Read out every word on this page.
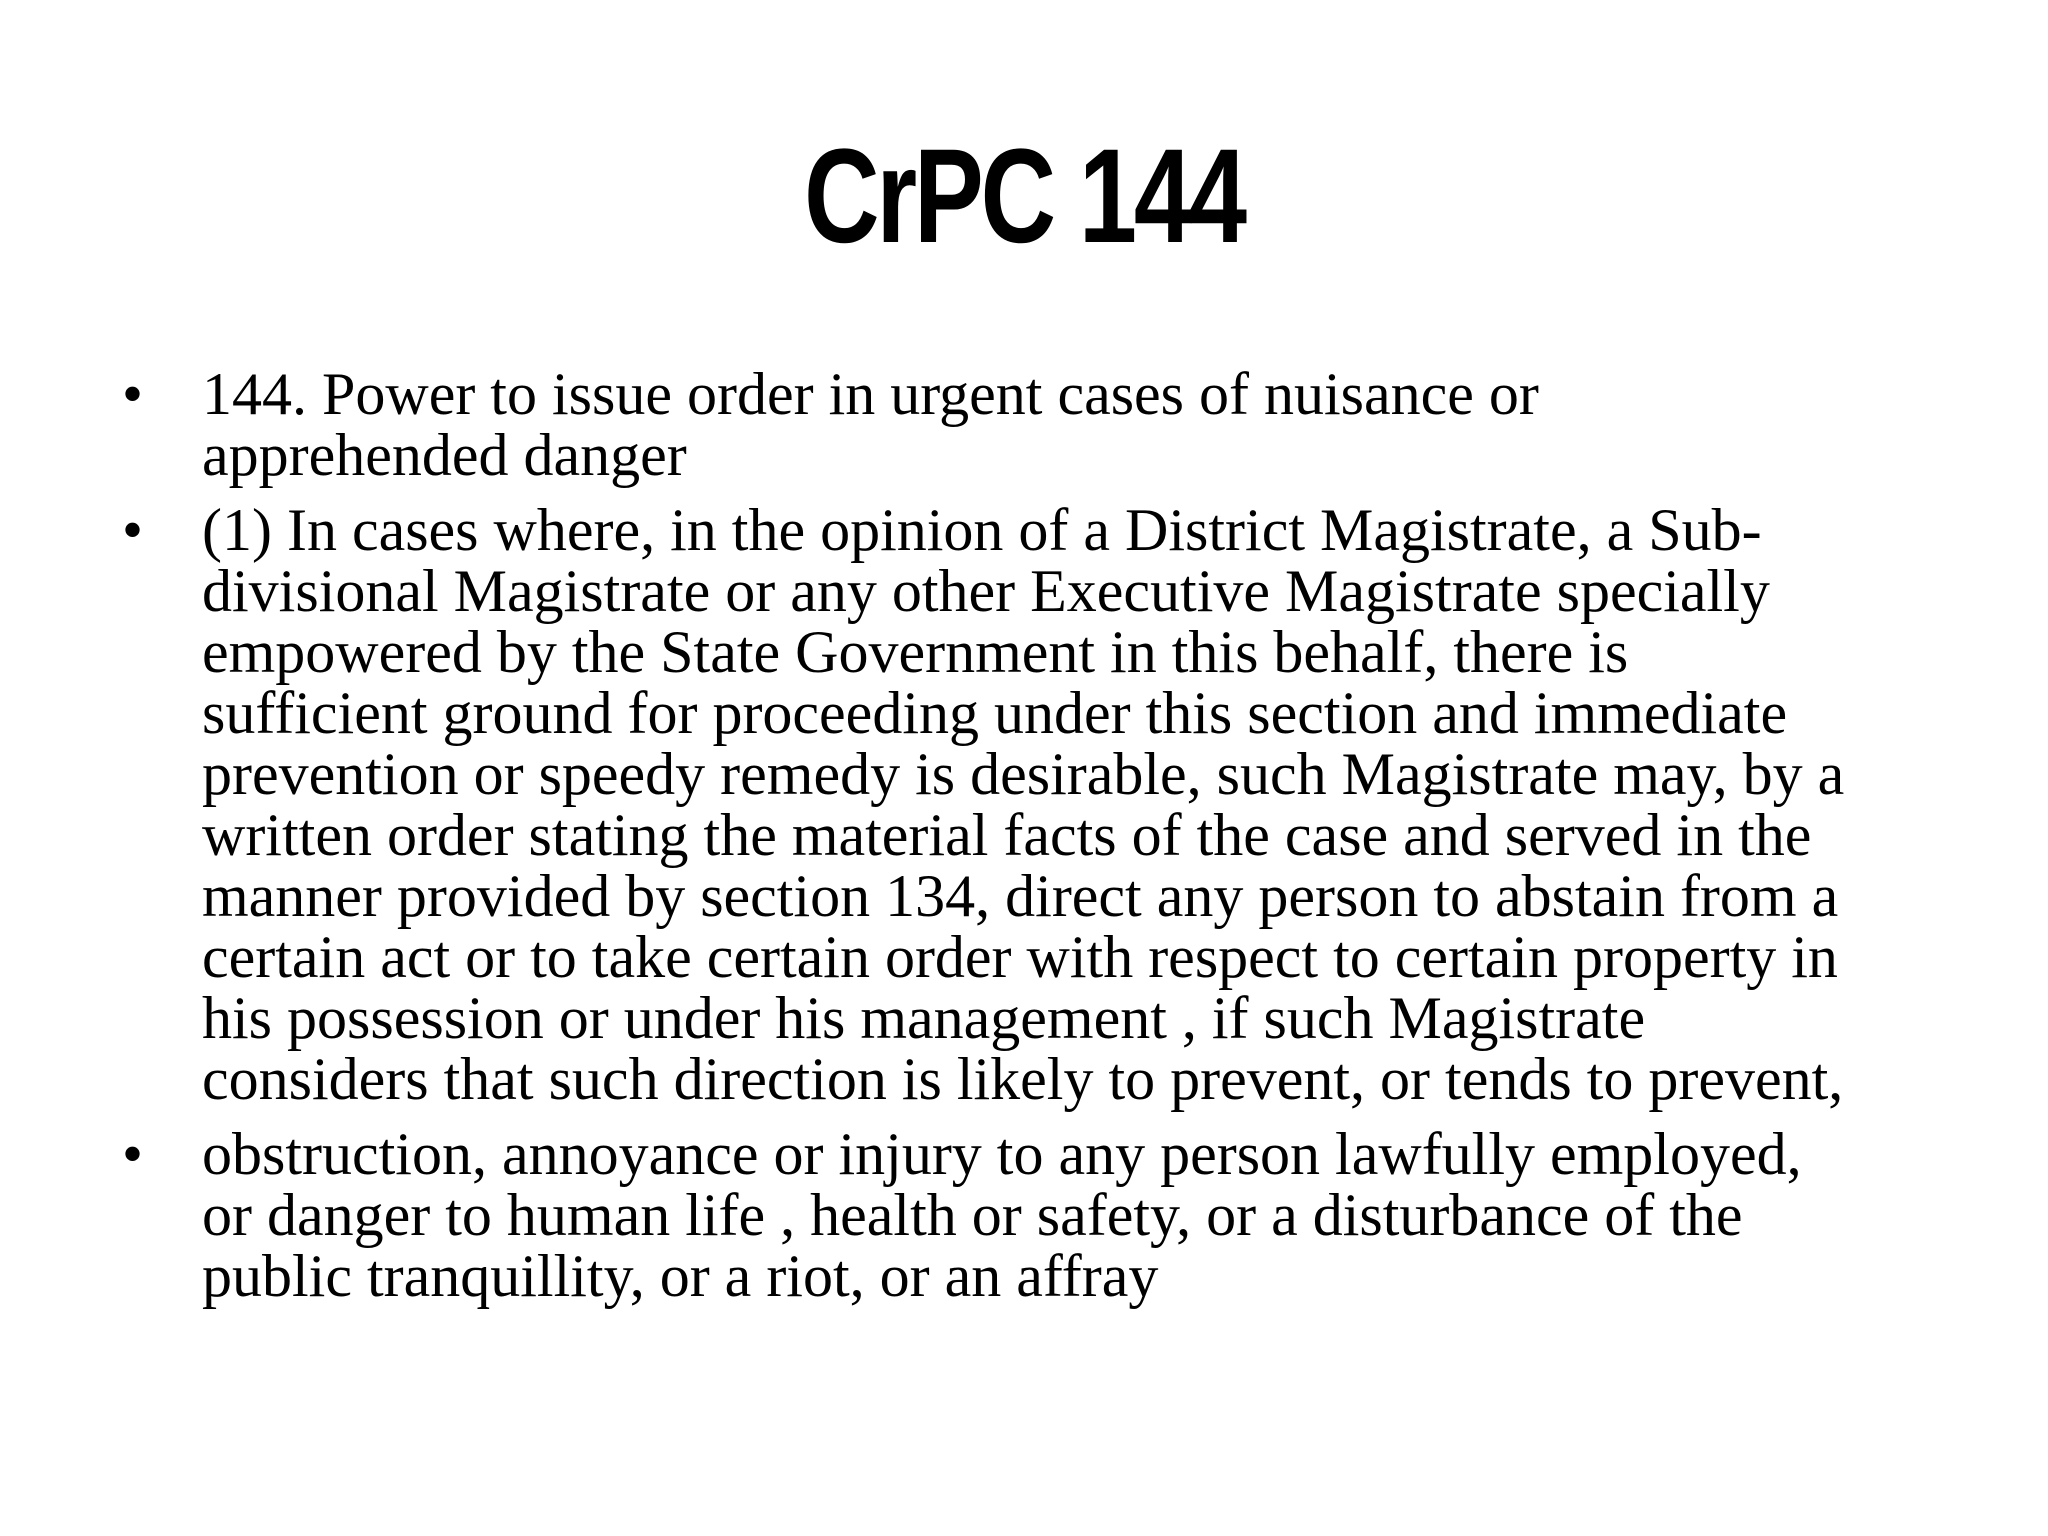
CrPC 144
• 144. Power to issue order in urgent cases of nuisance or
apprehended danger
• (1) In cases where, in the opinion of a District Magistrate, a Sub-
divisional Magistrate or any other Executive Magistrate specially
empowered by the State Government in this behalf, there is
sufficient ground for proceeding under this section and immediate
prevention or speedy remedy is desirable, such Magistrate may, by a
written order stating the material facts of the case and served in the
manner provided by section 134, direct any person to abstain from a
certain act or to take certain order with respect to certain property in
his possession or under his management , if such Magistrate
considers that such direction is likely to prevent, or tends to prevent,
• obstruction, annoyance or injury to any person lawfully employed,
or danger to human life , health or safety, or a disturbance of the
public tranquillity, or a riot, or an affray
